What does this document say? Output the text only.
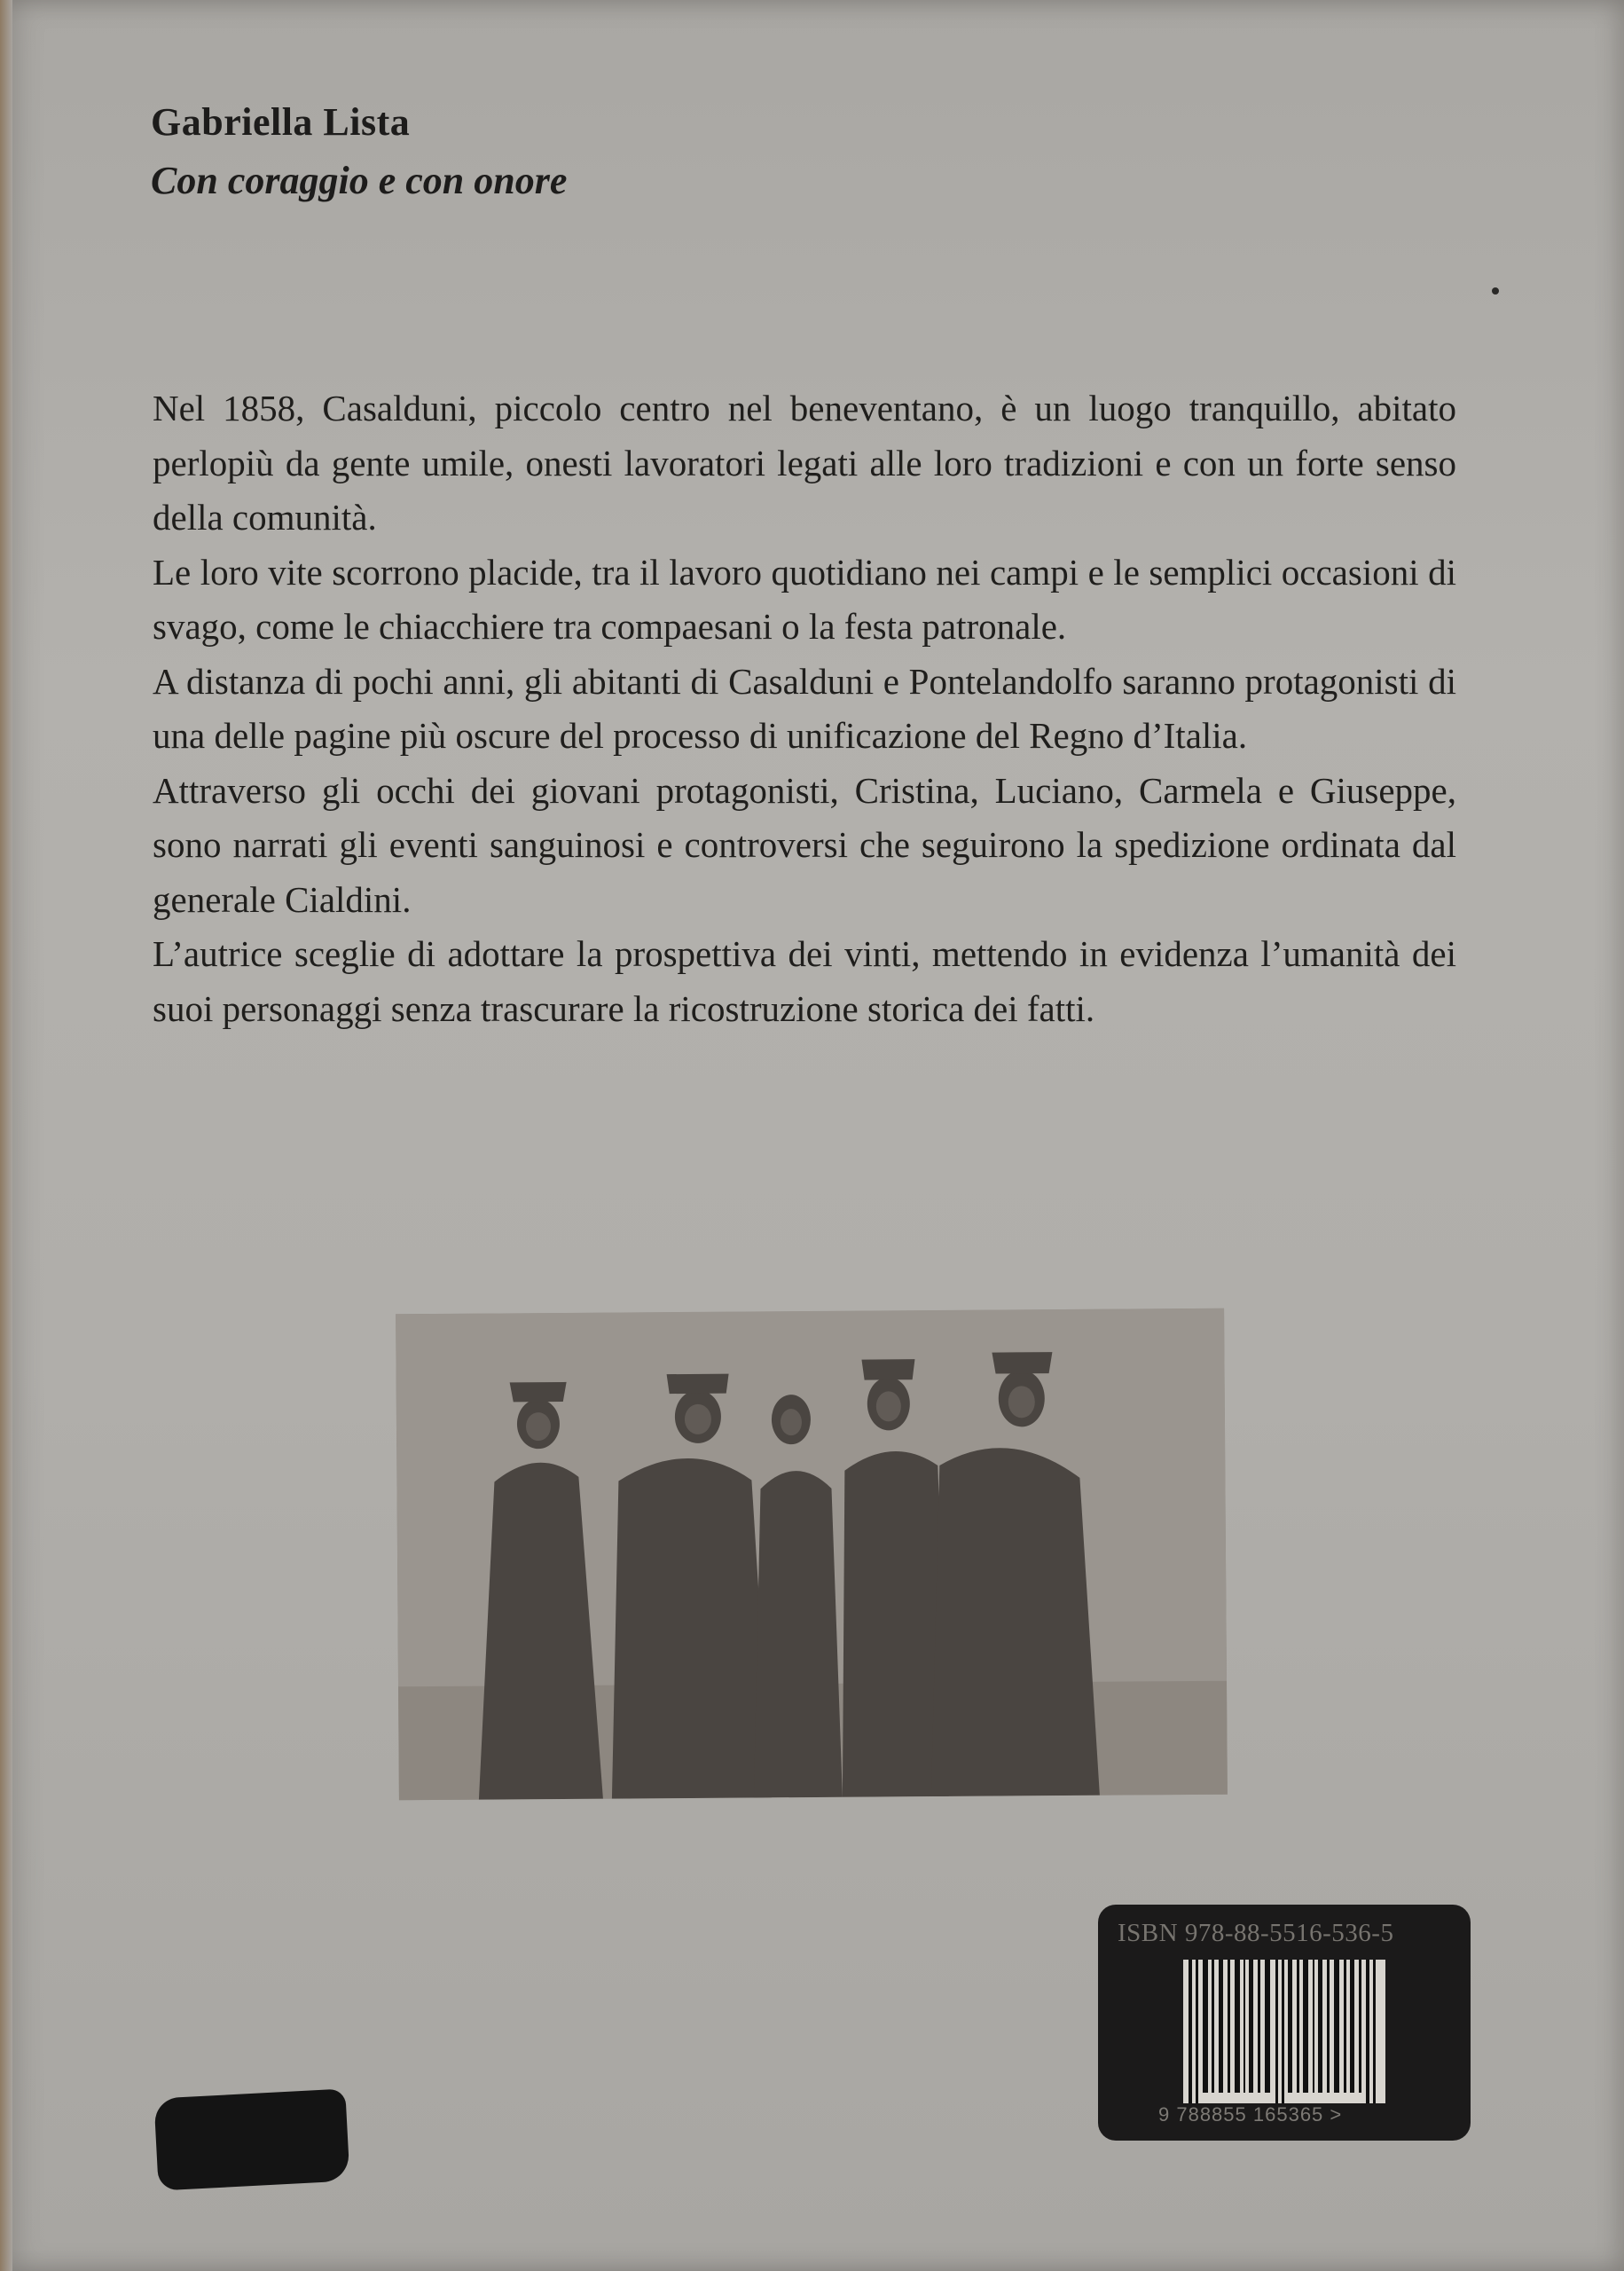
Gabriella Lista
Con coraggio e con onore

Nel 1858, Casalduni, piccolo centro nel beneventano, è un luogo tranquillo, abitato perlopiù da gente umile, onesti lavoratori legati alle loro tradizioni e con un forte senso della comunità.

Le loro vite scorrono placide, tra il lavoro quotidiano nei campi e le semplici occasioni di svago, come le chiacchiere tra compaesani o la festa patronale.

A distanza di pochi anni, gli abitanti di Casalduni e Pontelandolfo saranno protagonisti di una delle pagine più oscure del processo di unificazione del Regno d’Italia.

Attraverso gli occhi dei giovani protagonisti, Cristina, Luciano, Carmela e Giuseppe, sono narrati gli eventi sanguinosi e controversi che seguirono la spedizione ordinata dal generale Cialdini.

L’autrice sceglie di adottare la prospettiva dei vinti, mettendo in evidenza l’umanità dei suoi personaggi senza trascurare la ricostruzione storica dei fatti.

ISBN 978-88-5516-536-5
9 788855 165365 >
